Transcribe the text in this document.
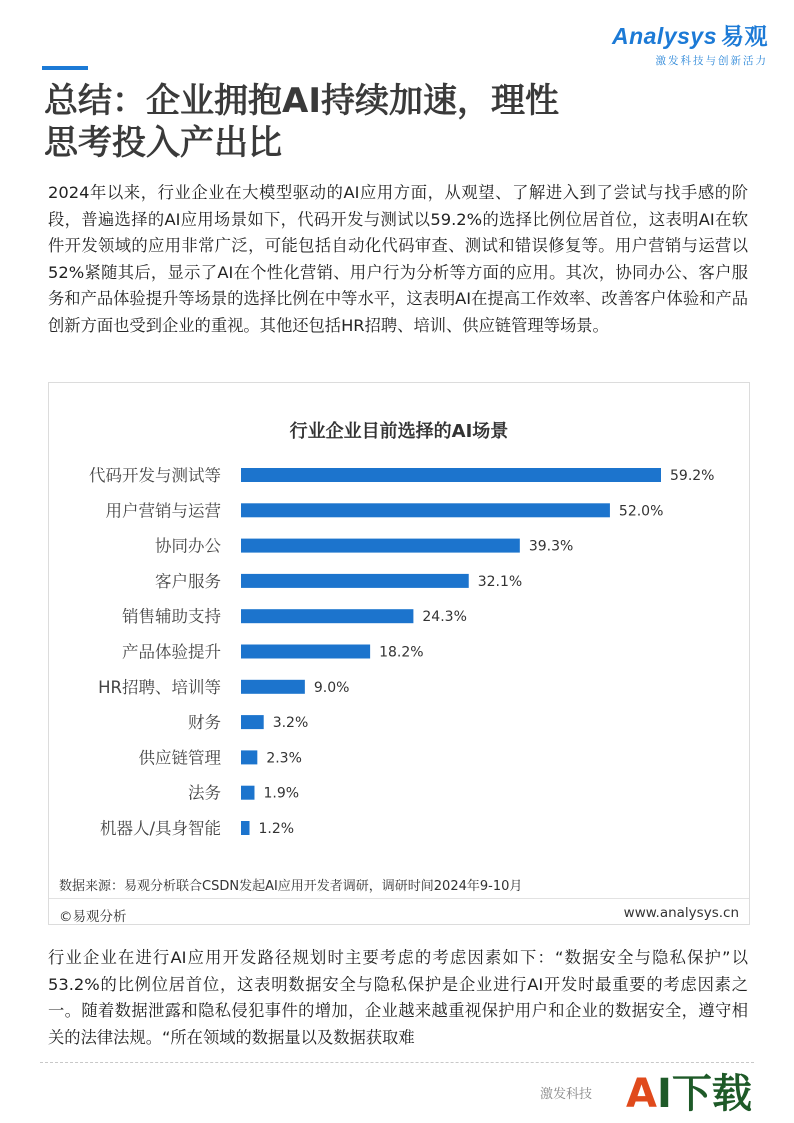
Analysys 易观
激发科技与创新活力
总结：企业拥抱AI持续加速，理性
思考投入产出比

2024年以来，行业企业在大模型驱动的AI应用方面，从观望、了解进入到了尝试与找手感的阶段，普遍选择的AI应用场景如下，代码开发与测试以59.2%的选择比例位居首位，这表明AI在软件开发领域的应用非常广泛，可能包括自动化代码审查、测试和错误修复等。用户营销与运营以52%紧随其后，显示了AI在个性化营销、用户行为分析等方面的应用。其次，协同办公、客户服务和产品体验提升等场景的选择比例在中等水平，这表明AI在提高工作效率、改善客户体验和产品创新方面也受到企业的重视。其他还包括HR招聘、培训、供应链管理等场景。

行业企业目前选择的AI场景
代码开发与测试等	59.2%
用户营销与运营	52.0%
协同办公	39.3%
客户服务	32.1%
销售辅助支持	24.3%
产品体验提升	18.2%
HR招聘、培训等	9.0%
财务	3.2%
供应链管理	2.3%
法务	1.9%
机器人/具身智能	1.2%
数据来源：易观分析联合CSDN发起AI应用开发者调研，调研时间2024年9-10月
©易观分析	www.analysys.cn

行业企业在进行AI应用开发路径规划时主要考虑的考虑因素如下：“数据安全与隐私保护”以53.2%的比例位居首位，这表明数据安全与隐私保护是企业进行AI开发时最重要的考虑因素之一。随着数据泄露和隐私侵犯事件的增加，企业越来越重视保护用户和企业的数据安全，遵守相关的法律法规。“所在领域的数据量以及数据获取难

激发科技 AI下载
